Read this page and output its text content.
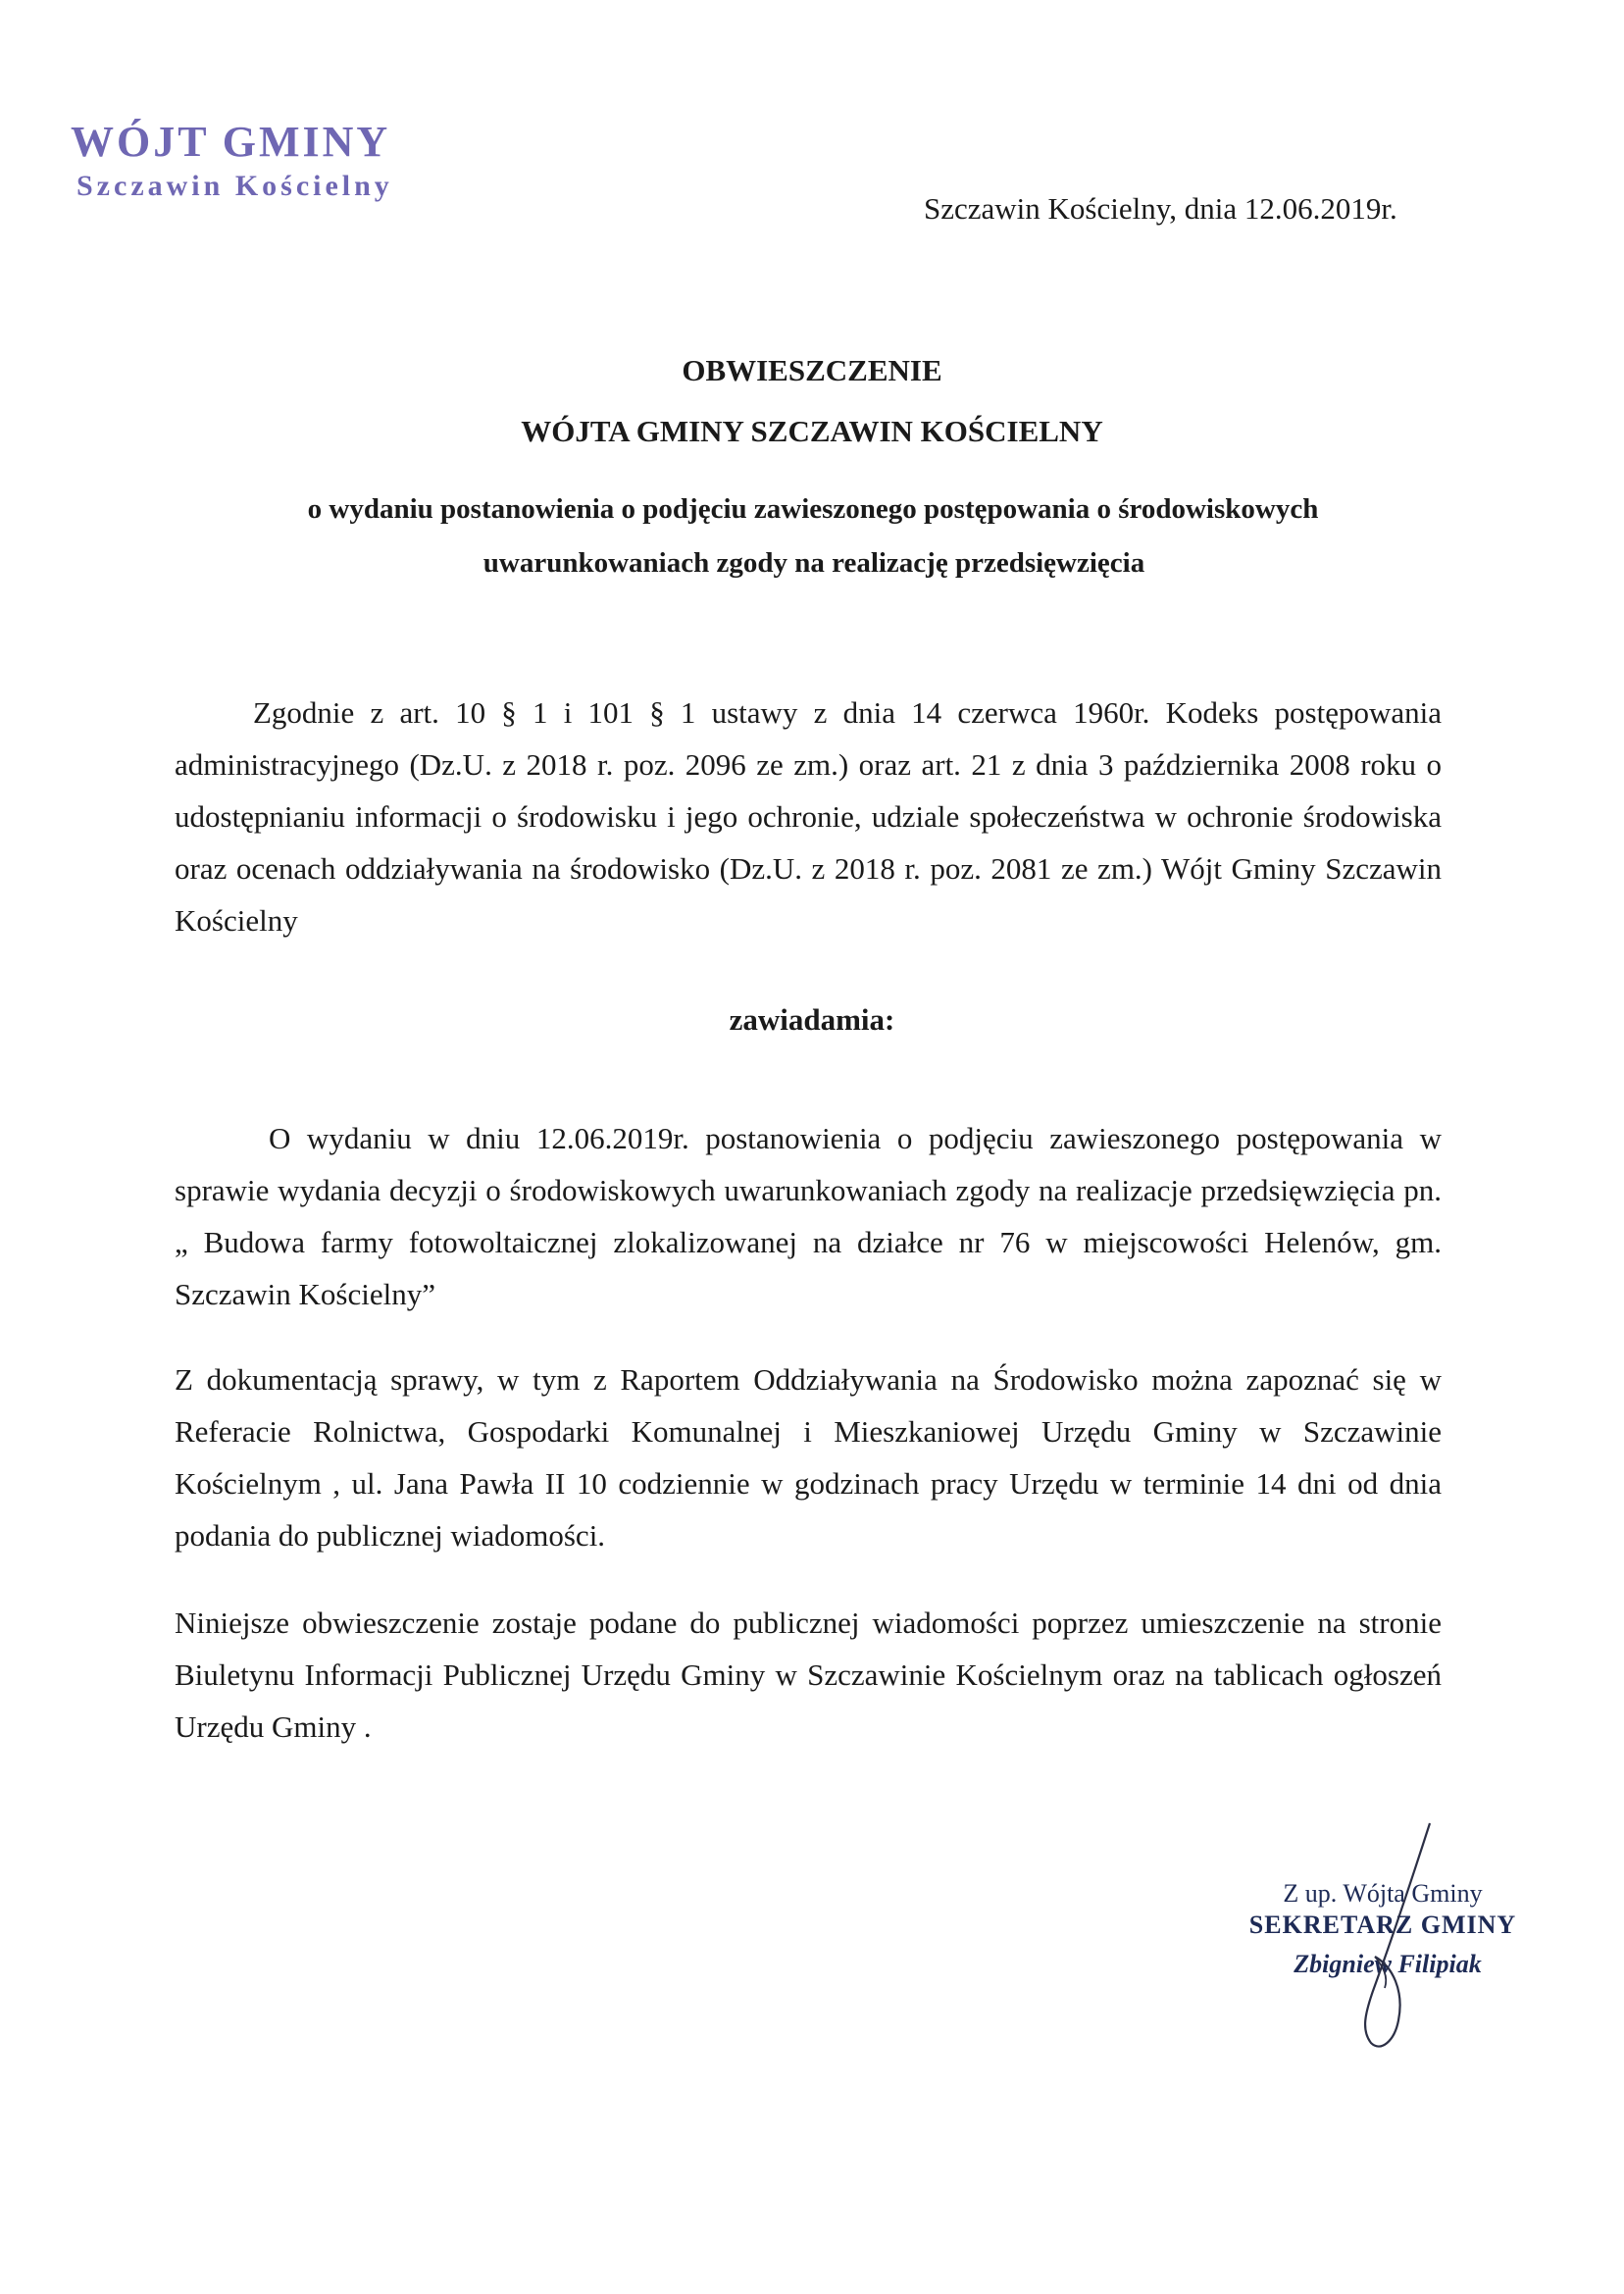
WÓJT GMINY
Szczawin Kościelny
Szczawin Kościelny, dnia 12.06.2019r.
OBWIESZCZENIE
WÓJTA GMINY SZCZAWIN KOŚCIELNY
o wydaniu postanowienia o podjęciu zawieszonego postępowania o środowiskowych
uwarunkowaniach zgody na realizację przedsięwzięcia
Zgodnie z art. 10 § 1 i 101 § 1 ustawy z dnia 14 czerwca 1960r. Kodeks postępowania administracyjnego (Dz.U. z 2018 r. poz. 2096 ze zm.) oraz art. 21 z dnia 3 października 2008 roku o udostępnianiu informacji o środowisku i jego ochronie, udziale społeczeństwa w ochronie środowiska oraz ocenach oddziaływania na środowisko (Dz.U. z 2018 r. poz. 2081 ze zm.) Wójt Gminy Szczawin Kościelny
zawiadamia:
O wydaniu w dniu 12.06.2019r. postanowienia o podjęciu zawieszonego postępowania w sprawie wydania decyzji o środowiskowych uwarunkowaniach zgody na realizacje przedsięwzięcia pn. „ Budowa farmy fotowoltaicznej zlokalizowanej na działce nr 76 w miejscowości Helenów, gm. Szczawin Kościelny”
Z dokumentacją sprawy, w tym z Raportem Oddziaływania na Środowisko można zapoznać się w Referacie Rolnictwa, Gospodarki Komunalnej i Mieszkaniowej Urzędu Gminy w Szczawinie Kościelnym , ul. Jana Pawła II 10 codziennie w godzinach pracy Urzędu w terminie 14 dni od dnia podania do publicznej wiadomości.
Niniejsze obwieszczenie zostaje podane do publicznej wiadomości poprzez umieszczenie na stronie Biuletynu Informacji Publicznej Urzędu Gminy w Szczawinie Kościelnym oraz na tablicach ogłoszeń Urzędu Gminy .
Z up. Wójta Gminy
SEKRETARZ GMINY
Zbigniew Filipiak
